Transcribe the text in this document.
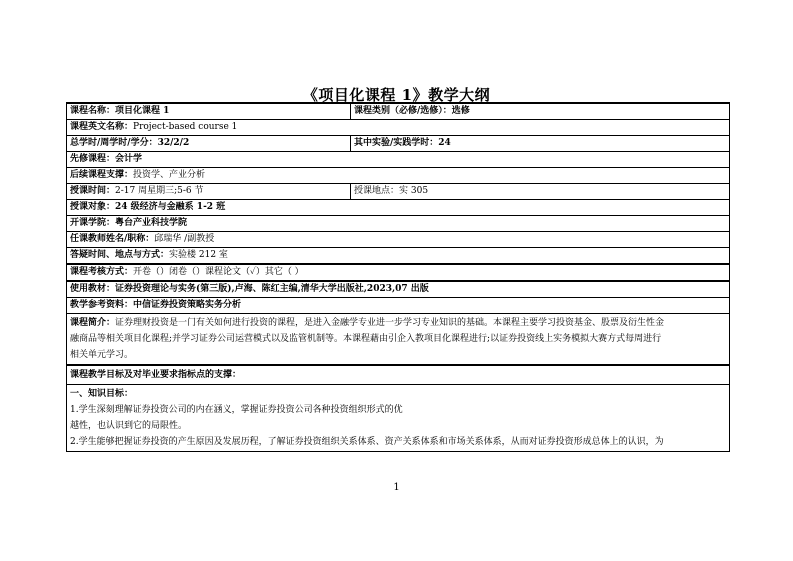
《项目化课程 1》教学大纲
课程名称：项目化课程 1	课程类别（必修/选修）：选修
课程英文名称：Project-based course 1	
总学时/周学时/学分：32/2/2	其中实验/实践学时：24
先修课程：会计学	
后续课程支撑：投资学、产业分析	
授课时间：2-17 周星期三;5-6 节	授课地点：实 305
授课对象：24 级经济与金融系 1-2 班	
开课学院：粤台产业科技学院	
任课教师姓名/职称：邱瑞华 /副教授	
答疑时间、地点与方式：实验楼 212 室	
课程考核方式：开卷（）闭卷（）课程论文（✓）其它（ ）	
使用教材：证券投资理论与实务(第三版),卢海、陈红主编,清华大学出版社,2023,07 出版	
教学参考资料：中信证券投资策略实务分析	

课程简介：证券理财投资是一门有关如何进行投资的课程，是进入金融学专业进一步学习专业知识的基础。本课程主要学习投资基金、股票及衍生性金
融商品等相关项目化课程;并学习证券公司运营模式以及监管机制等。本课程藉由引企入教项目化课程进行;以证券投资线上实务模拟大赛方式每周进行
相关单元学习。	

课程教学目标及对毕业要求指标点的支撑：	

一、知识目标：
1.学生深刻理解证券投资公司的内在涵义，掌握证券投资公司各种投资组织形式的优
越性，也认识到它的局限性。
2.学生能够把握证券投资的产生原因及发展历程，了解证券投资组织关系体系、资产关系体系和市场关系体系，从而对证券投资形成总体上的认识，为	
1
